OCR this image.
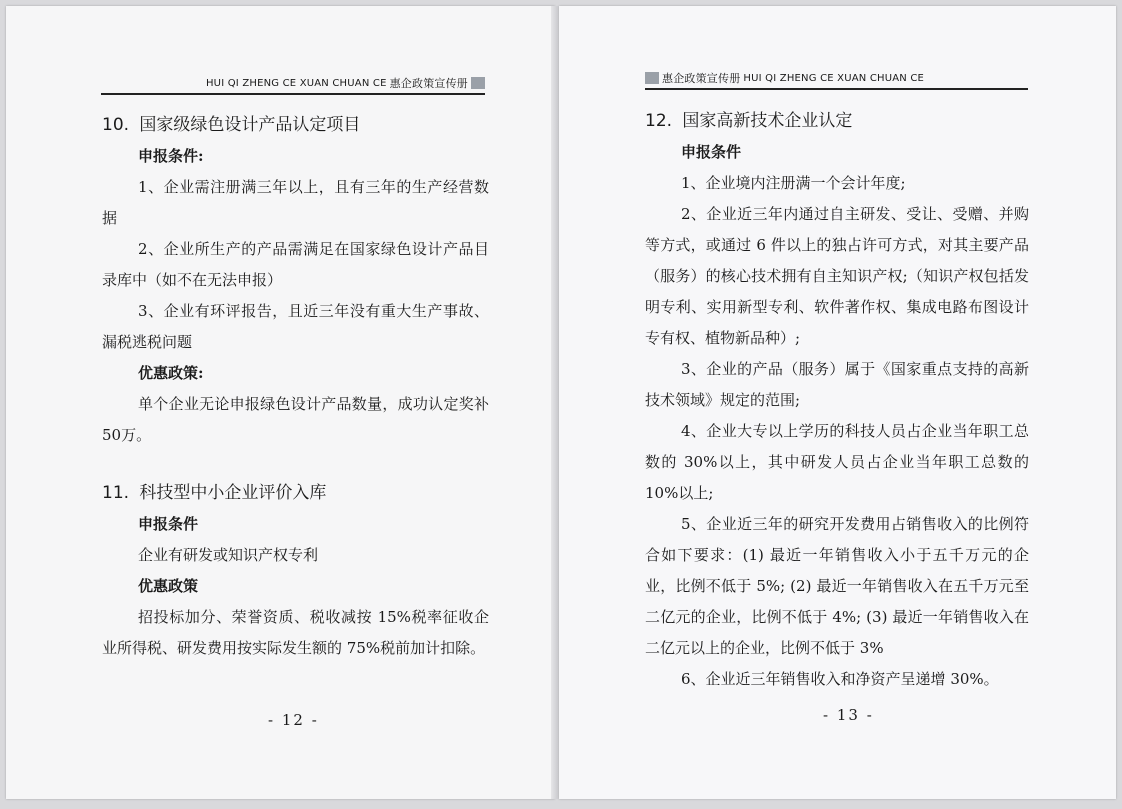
HUI QI ZHENG CE XUAN CHUAN CE 惠企政策宣传册

10. 国家级绿色设计产品认定项目

申报条件:

1、企业需注册满三年以上，且有三年的生产经营数据

2、企业所生产的产品需满足在国家绿色设计产品目录库中（如不在无法申报）

3、企业有环评报告，且近三年没有重大生产事故、漏税逃税问题

优惠政策:

单个企业无论申报绿色设计产品数量，成功认定奖补50万。

11. 科技型中小企业评价入库

申报条件

企业有研发或知识产权专利

优惠政策

招投标加分、荣誉资质、税收减按 15%税率征收企业所得税、研发费用按实际发生额的 75%税前加计扣除。

- 12 -
惠企政策宣传册 HUI QI ZHENG CE XUAN CHUAN CE

12. 国家高新技术企业认定

申报条件

1、企业境内注册满一个会计年度;

2、企业近三年内通过自主研发、受让、受赠、并购等方式，或通过 6 件以上的独占许可方式，对其主要产品（服务）的核心技术拥有自主知识产权;（知识产权包括发明专利、实用新型专利、软件著作权、集成电路布图设计专有权、植物新品种）;

3、企业的产品（服务）属于《国家重点支持的高新技术领域》规定的范围;

4、企业大专以上学历的科技人员占企业当年职工总数的 30%以上，其中研发人员占企业当年职工总数的 10%以上;

5、企业近三年的研究开发费用占销售收入的比例符合如下要求：(1) 最近一年销售收入小于五千万元的企业，比例不低于 5%; (2) 最近一年销售收入在五千万元至二亿元的企业，比例不低于 4%; (3) 最近一年销售收入在二亿元以上的企业，比例不低于 3%

6、企业近三年销售收入和净资产呈递增 30%。

- 13 -
